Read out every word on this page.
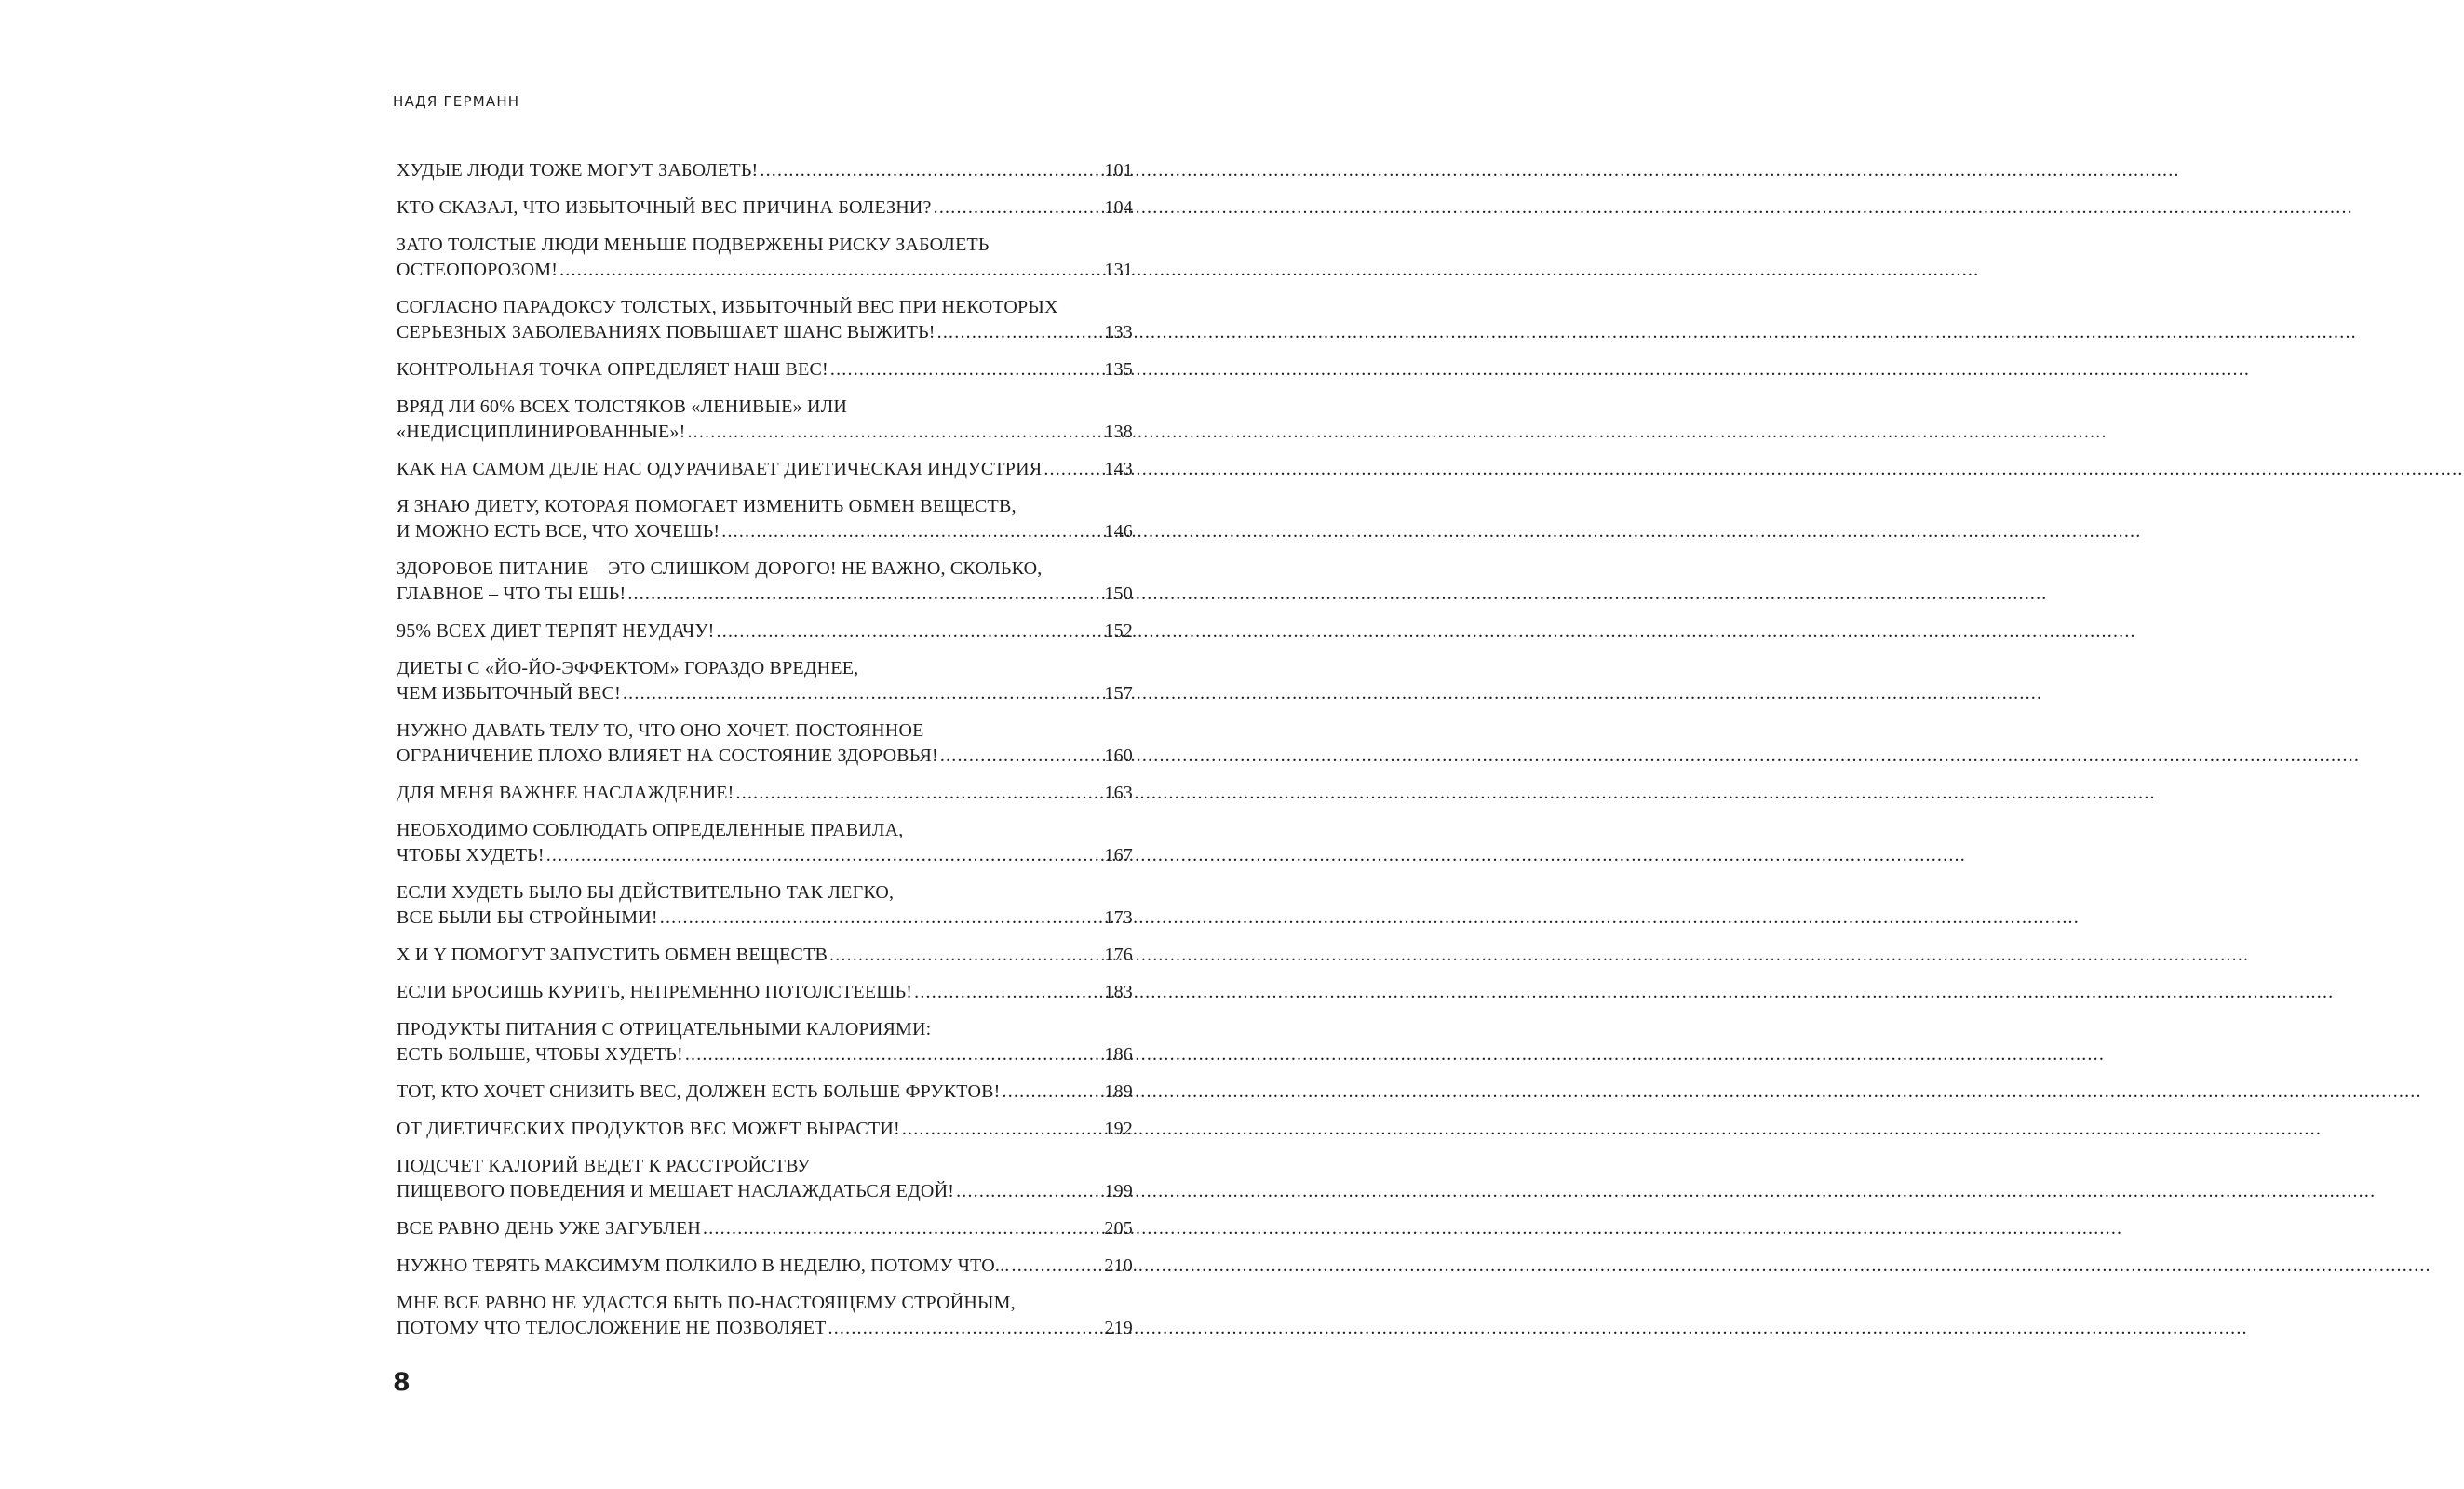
НАДЯ ГЕРМАНН
ХУДЫЕ ЛЮДИ ТОЖЕ МОГУТ ЗАБОЛЕТЬ! .....	101
КТО СКАЗАЛ, ЧТО ИЗБЫТОЧНЫЙ ВЕС ПРИЧИНА БОЛЕЗНИ? .....	104
ЗАТО ТОЛСТЫЕ ЛЮДИ МЕНЬШЕ ПОДВЕРЖЕНЫ РИСКУ ЗАБОЛЕТЬ
ОСТЕОПОРОЗОМ! .....	131
СОГЛАСНО ПАРАДОКСУ ТОЛСТЫХ, ИЗБЫТОЧНЫЙ ВЕС ПРИ НЕКОТОРЫХ
СЕРЬЕЗНЫХ ЗАБОЛЕВАНИЯХ ПОВЫШАЕТ ШАНС ВЫЖИТЬ! .....	133
КОНТРОЛЬНАЯ ТОЧКА ОПРЕДЕЛЯЕТ НАШ ВЕС! .....	135
ВРЯД ЛИ 60% ВСЕХ ТОЛСТЯКОВ «ЛЕНИВЫЕ» ИЛИ
«НЕДИСЦИПЛИНИРОВАННЫЕ»! .....	138
КАК НА САМОМ ДЕЛЕ НАС ОДУРАЧИВАЕТ ДИЕТИЧЕСКАЯ ИНДУСТРИЯ .....	143
Я ЗНАЮ ДИЕТУ, КОТОРАЯ ПОМОГАЕТ ИЗМЕНИТЬ ОБМЕН ВЕЩЕСТВ,
И МОЖНО ЕСТЬ ВСЕ, ЧТО ХОЧЕШЬ! .....	146
ЗДОРОВОЕ ПИТАНИЕ – ЭТО СЛИШКОМ ДОРОГО! НЕ ВАЖНО, СКОЛЬКО,
ГЛАВНОЕ – ЧТО ТЫ ЕШЬ! .....	150
95% ВСЕХ ДИЕТ ТЕРПЯТ НЕУДАЧУ! .....	152
ДИЕТЫ С «ЙО-ЙО-ЭФФЕКТОМ» ГОРАЗДО ВРЕДНЕЕ,
ЧЕМ ИЗБЫТОЧНЫЙ ВЕС! .....	157
НУЖНО ДАВАТЬ ТЕЛУ ТО, ЧТО ОНО ХОЧЕТ. ПОСТОЯННОЕ
ОГРАНИЧЕНИЕ ПЛОХО ВЛИЯЕТ НА СОСТОЯНИЕ ЗДОРОВЬЯ! .....	160
ДЛЯ МЕНЯ ВАЖНЕЕ НАСЛАЖДЕНИЕ! .....	163
НЕОБХОДИМО СОБЛЮДАТЬ ОПРЕДЕЛЕННЫЕ ПРАВИЛА,
ЧТОБЫ ХУДЕТЬ! .....	167
ЕСЛИ ХУДЕТЬ БЫЛО БЫ ДЕЙСТВИТЕЛЬНО ТАК ЛЕГКО,
ВСЕ БЫЛИ БЫ СТРОЙНЫМИ! .....	173
X И Y ПОМОГУТ ЗАПУСТИТЬ ОБМЕН ВЕЩЕСТВ .....	176
ЕСЛИ БРОСИШЬ КУРИТЬ, НЕПРЕМЕННО ПОТОЛСТЕЕШЬ! .....	183
ПРОДУКТЫ ПИТАНИЯ С ОТРИЦАТЕЛЬНЫМИ КАЛОРИЯМИ:
ЕСТЬ БОЛЬШЕ, ЧТОБЫ ХУДЕТЬ! .....	186
ТОТ, КТО ХОЧЕТ СНИЗИТЬ ВЕС, ДОЛЖЕН ЕСТЬ БОЛЬШЕ ФРУКТОВ! .....	189
ОТ ДИЕТИЧЕСКИХ ПРОДУКТОВ ВЕС МОЖЕТ ВЫРАСТИ! .....	192
ПОДСЧЕТ КАЛОРИЙ ВЕДЕТ К РАССТРОЙСТВУ
ПИЩЕВОГО ПОВЕДЕНИЯ И МЕШАЕТ НАСЛАЖДАТЬСЯ ЕДОЙ! .....	199
ВСЕ РАВНО ДЕНЬ УЖЕ ЗАГУБЛЕН .....	205
НУЖНО ТЕРЯТЬ МАКСИМУМ ПОЛКИЛО В НЕДЕЛЮ, ПОТОМУ ЧТО... .....	210
МНЕ ВСЕ РАВНО НЕ УДАСТСЯ БЫТЬ ПО-НАСТОЯЩЕМУ СТРОЙНЫМ,
ПОТОМУ ЧТО ТЕЛОСЛОЖЕНИЕ НЕ ПОЗВОЛЯЕТ .....	219
8
